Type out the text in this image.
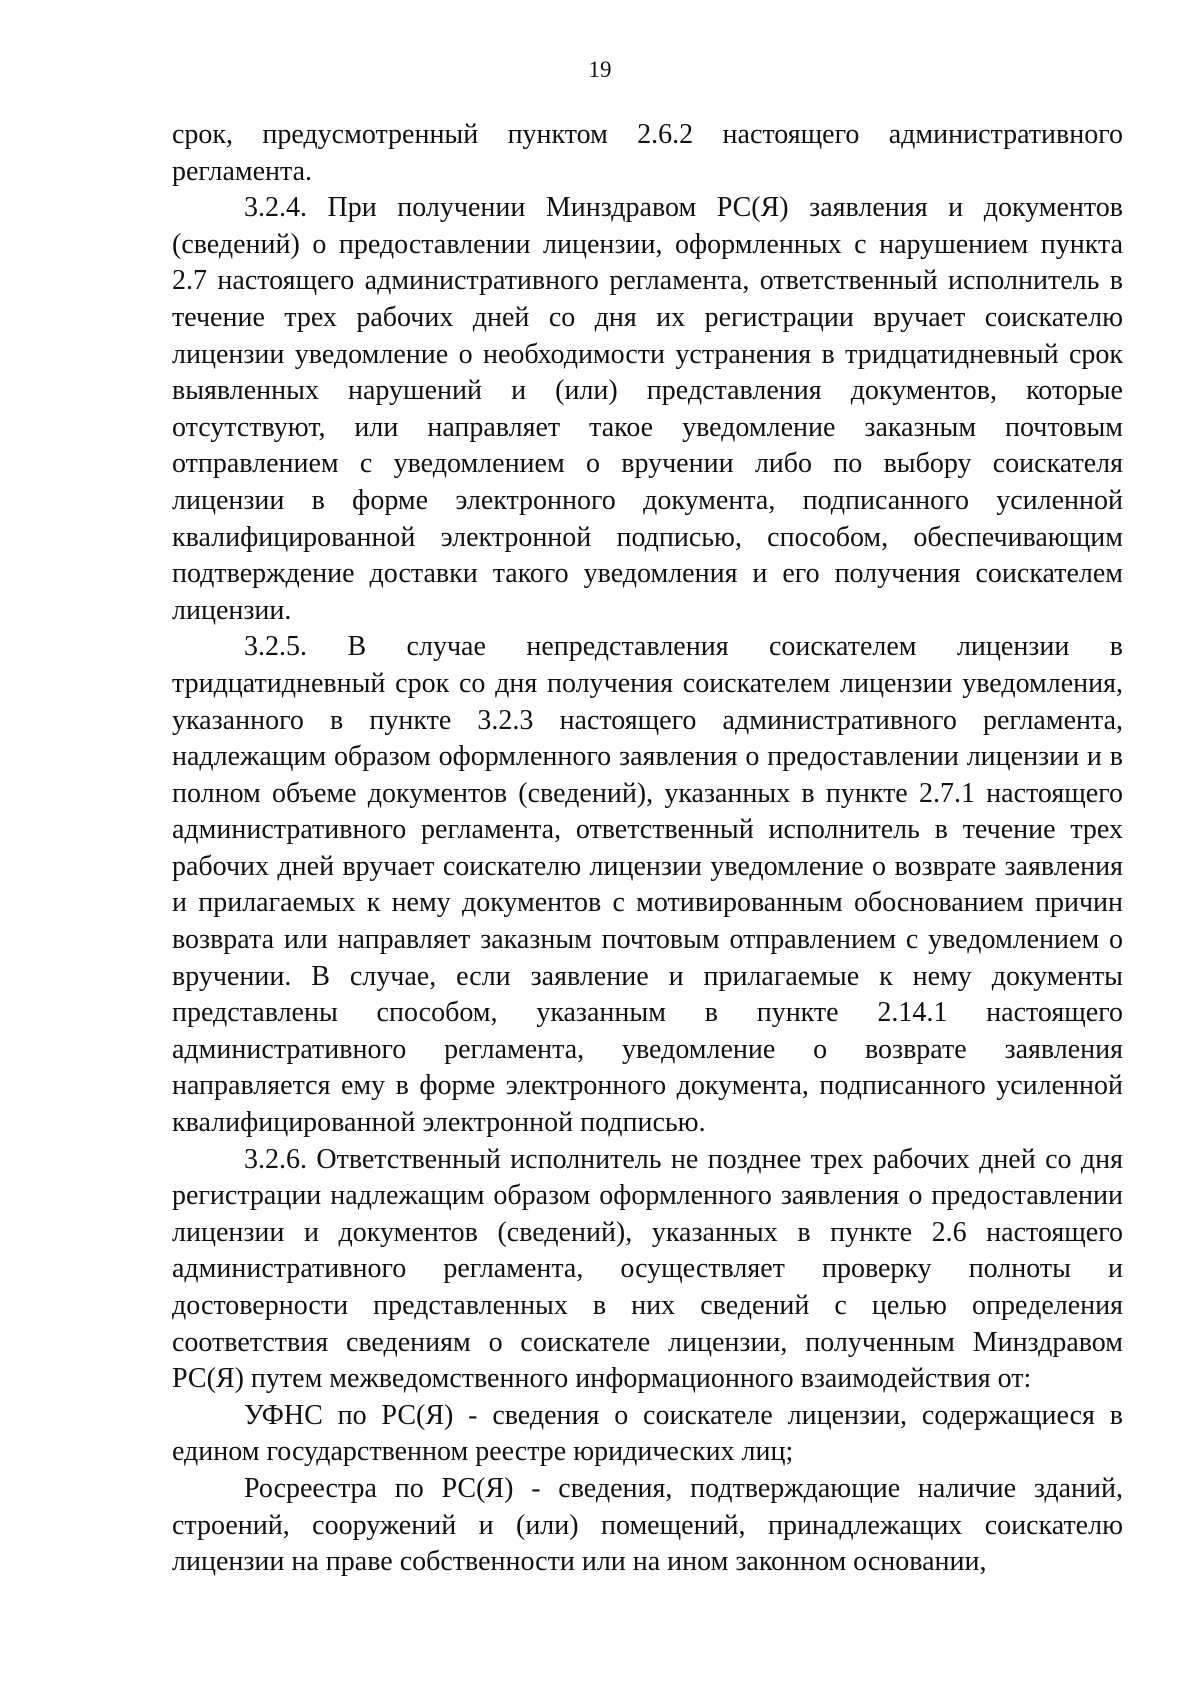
19

срок, предусмотренный пунктом 2.6.2 настоящего административного регламента.

3.2.4. При получении Минздравом РС(Я) заявления и документов (сведений) о предоставлении лицензии, оформленных с нарушением пункта 2.7 настоящего административного регламента, ответственный исполнитель в течение трех рабочих дней со дня их регистрации вручает соискателю лицензии уведомление о необходимости устранения в тридцатидневный срок выявленных нарушений и (или) представления документов, которые отсутствуют, или направляет такое уведомление заказным почтовым отправлением с уведомлением о вручении либо по выбору соискателя лицензии в форме электронного документа, подписанного усиленной квалифицированной электронной подписью, способом, обеспечивающим подтверждение доставки такого уведомления и его получения соискателем лицензии.

3.2.5. В случае непредставления соискателем лицензии в тридцатидневный срок со дня получения соискателем лицензии уведомления, указанного в пункте 3.2.3 настоящего административного регламента, надлежащим образом оформленного заявления о предоставлении лицензии и в полном объеме документов (сведений), указанных в пункте 2.7.1 настоящего административного регламента, ответственный исполнитель в течение трех рабочих дней вручает соискателю лицензии уведомление о возврате заявления и прилагаемых к нему документов с мотивированным обоснованием причин возврата или направляет заказным почтовым отправлением с уведомлением о вручении. В случае, если заявление и прилагаемые к нему документы представлены способом, указанным в пункте 2.14.1 настоящего административного регламента, уведомление о возврате заявления направляется ему в форме электронного документа, подписанного усиленной квалифицированной электронной подписью.

3.2.6. Ответственный исполнитель не позднее трех рабочих дней со дня регистрации надлежащим образом оформленного заявления о предоставлении лицензии и документов (сведений), указанных в пункте 2.6 настоящего административного регламента, осуществляет проверку полноты и достоверности представленных в них сведений с целью определения соответствия сведениям о соискателе лицензии, полученным Минздравом РС(Я) путем межведомственного информационного взаимодействия от:

УФНС по РС(Я) - сведения о соискателе лицензии, содержащиеся в едином государственном реестре юридических лиц;

Росреестра по РС(Я) - сведения, подтверждающие наличие зданий, строений, сооружений и (или) помещений, принадлежащих соискателю лицензии на праве собственности или на ином законном основании,
